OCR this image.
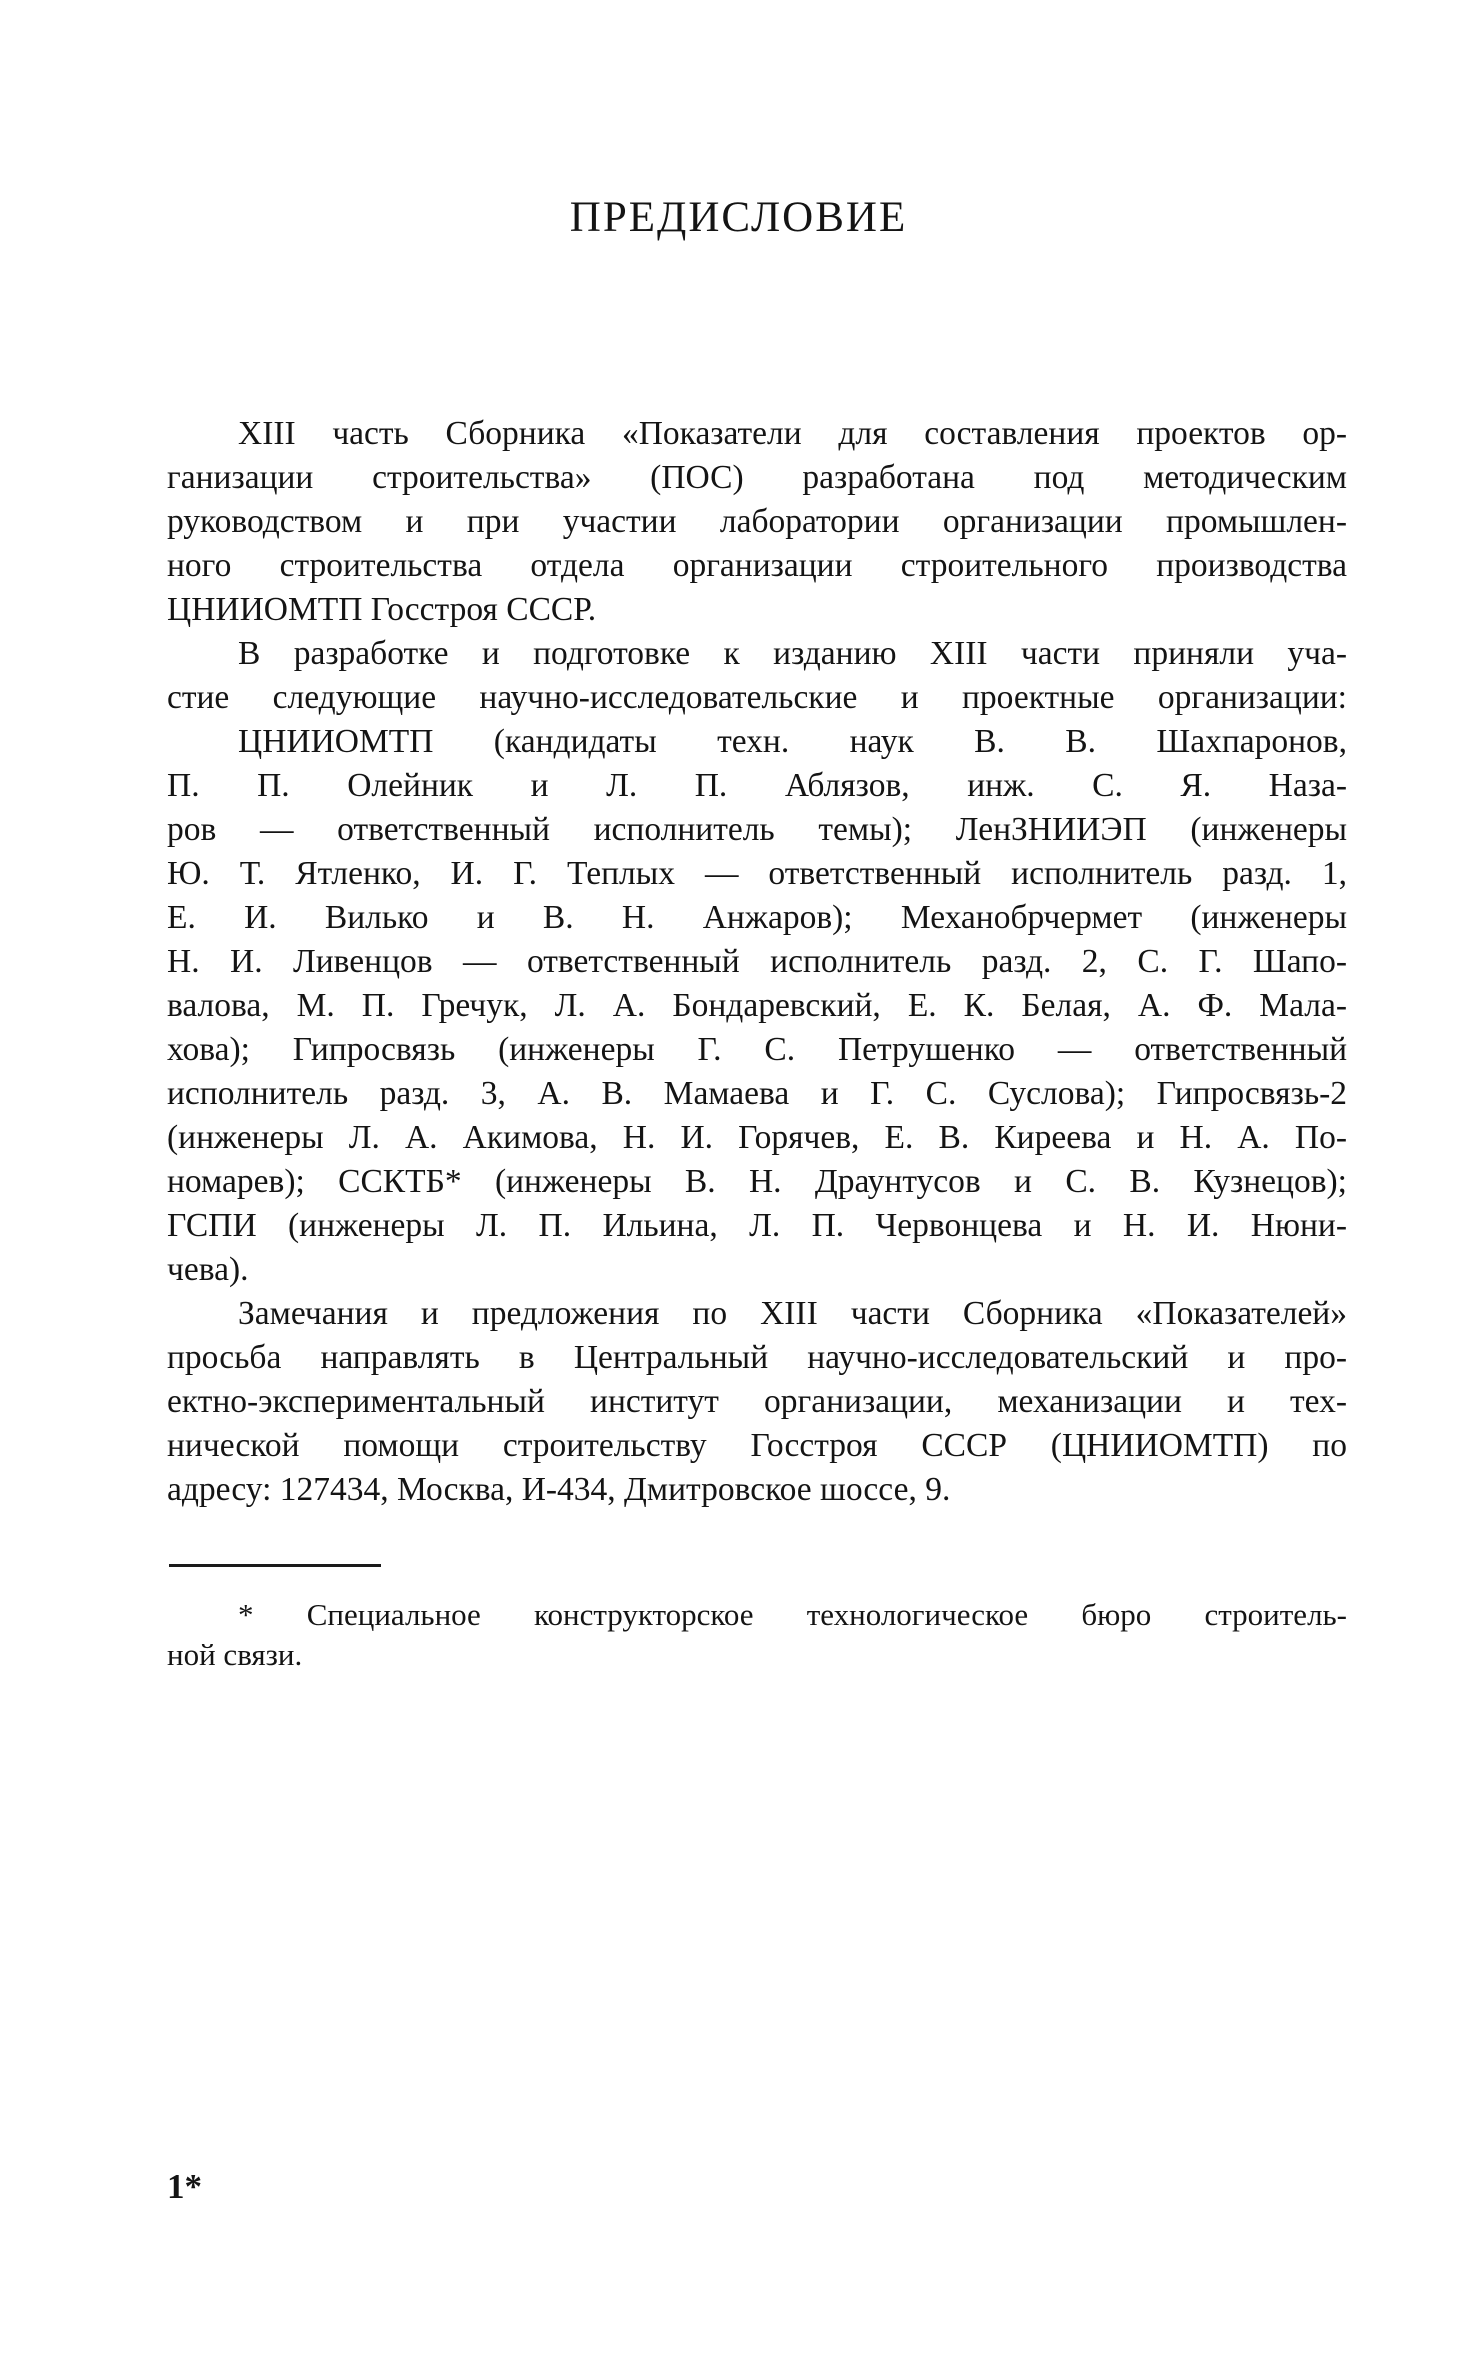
ПРЕДИСЛОВИЕ
XIII часть Сборника «Показатели для составления проектов ор-
ганизации строительства» (ПОС) разработана под методическим
руководством и при участии лаборатории организации промышлен-
ного строительства отдела организации строительного производства
ЦНИИОМТП Госстроя СССР.
В разработке и подготовке к изданию XIII части приняли уча-
стие следующие научно-исследовательские и проектные организации:
ЦНИИОМТП (кандидаты техн. наук В. В. Шахпаронов,
П. П. Олейник и Л. П. Аблязов, инж. С. Я. Наза-
ров — ответственный исполнитель темы); ЛенЗНИИЭП (инженеры
Ю. Т. Ятленко, И. Г. Теплых — ответственный исполнитель разд. 1,
Е. И. Вилько и В. Н. Анжаров); Механобрчермет (инженеры
Н. И. Ливенцов — ответственный исполнитель разд. 2, С. Г. Шапо-
валова, М. П. Гречук, Л. А. Бондаревский, Е. К. Белая, А. Ф. Мала-
хова); Гипросвязь (инженеры Г. С. Петрушенко — ответственный
исполнитель разд. 3, А. В. Мамаева и Г. С. Суслова); Гипросвязь-2
(инженеры Л. А. Акимова, Н. И. Горячев, Е. В. Киреева и Н. А. По-
номарев); ССКТБ* (инженеры В. Н. Драунтусов и С. В. Кузнецов);
ГСПИ (инженеры Л. П. Ильина, Л. П. Червонцева и Н. И. Нюни-
чева).
Замечания и предложения по XIII части Сборника «Показателей»
просьба направлять в Центральный научно-исследовательский и про-
ектно-экспериментальный институт организации, механизации и тех-
нической помощи строительству Госстроя СССР (ЦНИИОМТП) по
адресу: 127434, Москва, И-434, Дмитровское шоссе, 9.
* Специальное конструкторское технологическое бюро строитель-
ной связи.
1*
